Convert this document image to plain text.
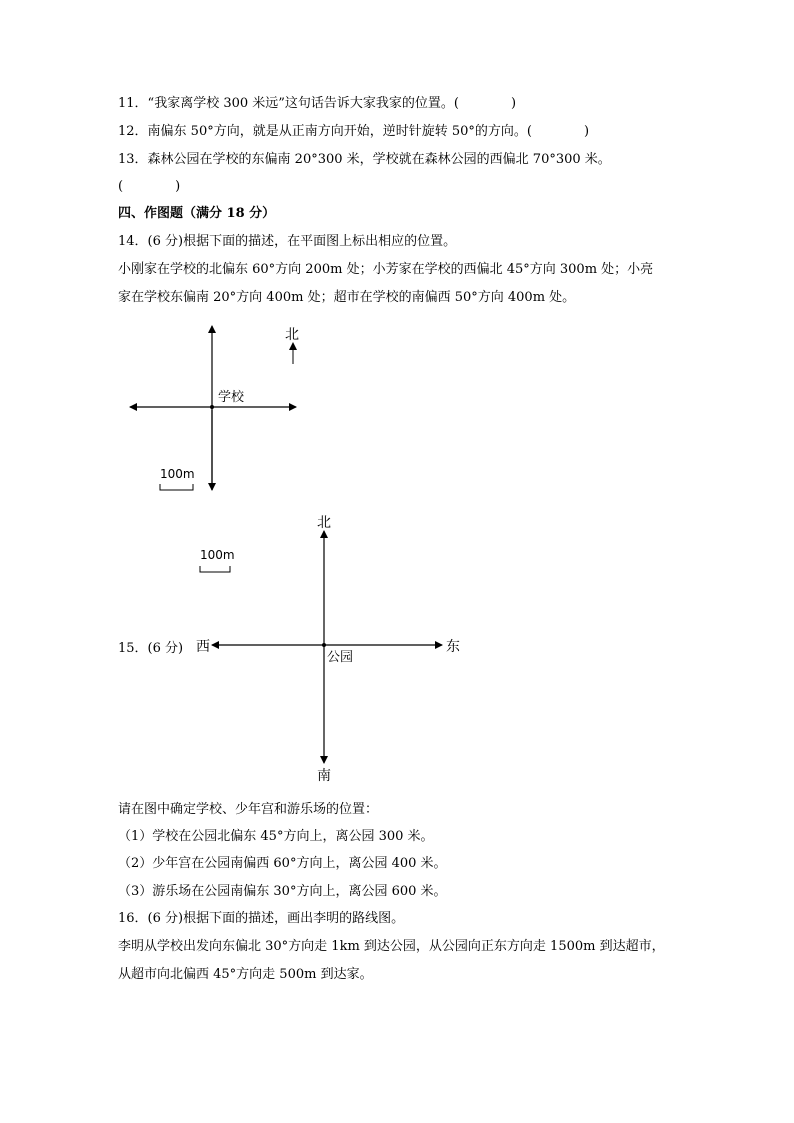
11．“我家离学校 300 米远”这句话告诉大家我家的位置。(　　　　)
12．南偏东 50°方向，就是从正南方向开始，逆时针旋转 50°的方向。(　　　　)
13．森林公园在学校的东偏南 20°300 米，学校就在森林公园的西偏北 70°300 米。
(　　　　)
四、作图题（满分 18 分）
14．(6 分)根据下面的描述，在平面图上标出相应的位置。
小刚家在学校的北偏东 60°方向 200m 处；小芳家在学校的西偏北 45°方向 300m 处；小亮
家在学校东偏南 20°方向 400m 处；超市在学校的南偏西 50°方向 400m 处。
北
学校
100m
北
南
西	东
公园
100m
15．(6 分)
请在图中确定学校、少年宫和游乐场的位置：
（1）学校在公园北偏东 45°方向上，离公园 300 米。
（2）少年宫在公园南偏西 60°方向上，离公园 400 米。
（3）游乐场在公园南偏东 30°方向上，离公园 600 米。
16．(6 分)根据下面的描述，画出李明的路线图。
李明从学校出发向东偏北 30°方向走 1km 到达公园，从公园向正东方向走 1500m 到达超市，
从超市向北偏西 45°方向走 500m 到达家。
